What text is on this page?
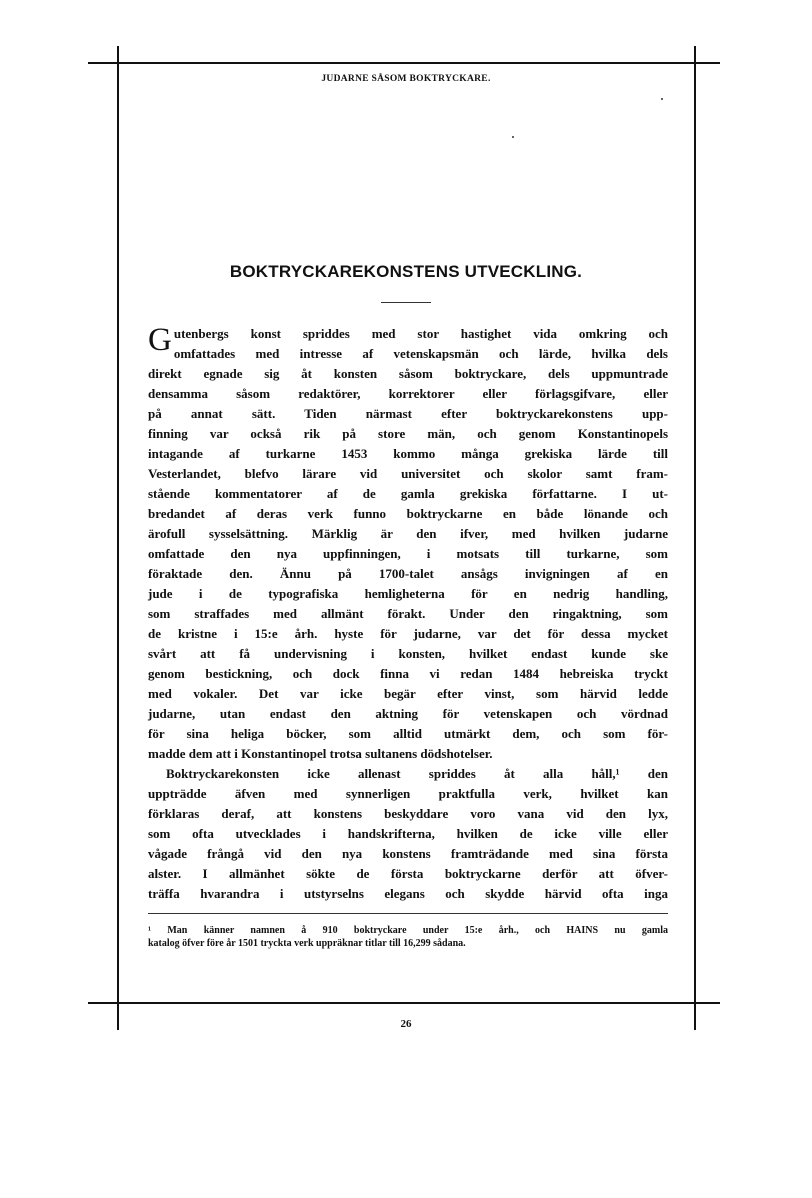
JUDARNE SÅSOM BOKTRYCKARE.
BOKTRYCKAREKONSTENS UTVECKLING.
Gutenbergs konst spriddes med stor hastighet vida omkring och
omfattades med intresse af vetenskapsmän och lärde, hvilka dels
direkt egnade sig åt konsten såsom boktryckare, dels uppmuntrade
densamma såsom redaktörer, korrektorer eller förlagsgifvare, eller
på annat sätt. Tiden närmast efter boktryckarekonstens upp-
finning var också rik på store män, och genom Konstantinopels
intagande af turkarne 1453 kommo många grekiska lärde till
Vesterlandet, blefvo lärare vid universitet och skolor samt fram-
stående kommentatorer af de gamla grekiska författarne. I ut-
bredandet af deras verk funno boktryckarne en både lönande och
ärofull sysselsättning. Märklig är den ifver, med hvilken judarne
omfattade den nya uppfinningen, i motsats till turkarne, som
föraktade den. Ännu på 1700-talet ansågs invigningen af en
jude i de typografiska hemligheterna för en nedrig handling,
som straffades med allmänt förakt. Under den ringaktning, som
de kristne i 15:e årh. hyste för judarne, var det för dessa mycket
svårt att få undervisning i konsten, hvilket endast kunde ske
genom bestickning, och dock finna vi redan 1484 hebreiska tryckt
med vokaler. Det var icke begär efter vinst, som härvid ledde
judarne, utan endast den aktning för vetenskapen och vördnad
för sina heliga böcker, som alltid utmärkt dem, och som för-
madde dem att i Konstantinopel trotsa sultanens dödshotelser.
Boktryckarekonsten icke allenast spriddes åt alla håll,¹ den
uppträdde äfven med synnerligen praktfulla verk, hvilket kan
förklaras deraf, att konstens beskyddare voro vana vid den lyx,
som ofta utvecklades i handskrifterna, hvilken de icke ville eller
vågade frångå vid den nya konstens framträdande med sina första
alster. I allmänhet sökte de första boktryckarne derför att öfver-
träffa hvarandra i utstyrselns elegans och skydde härvid ofta inga
¹ Man känner namnen å 910 boktryckare under 15:e årh., och HAINS nu gamla
katalog öfver före år 1501 tryckta verk uppräknar titlar till 16,299 sådana.
26
